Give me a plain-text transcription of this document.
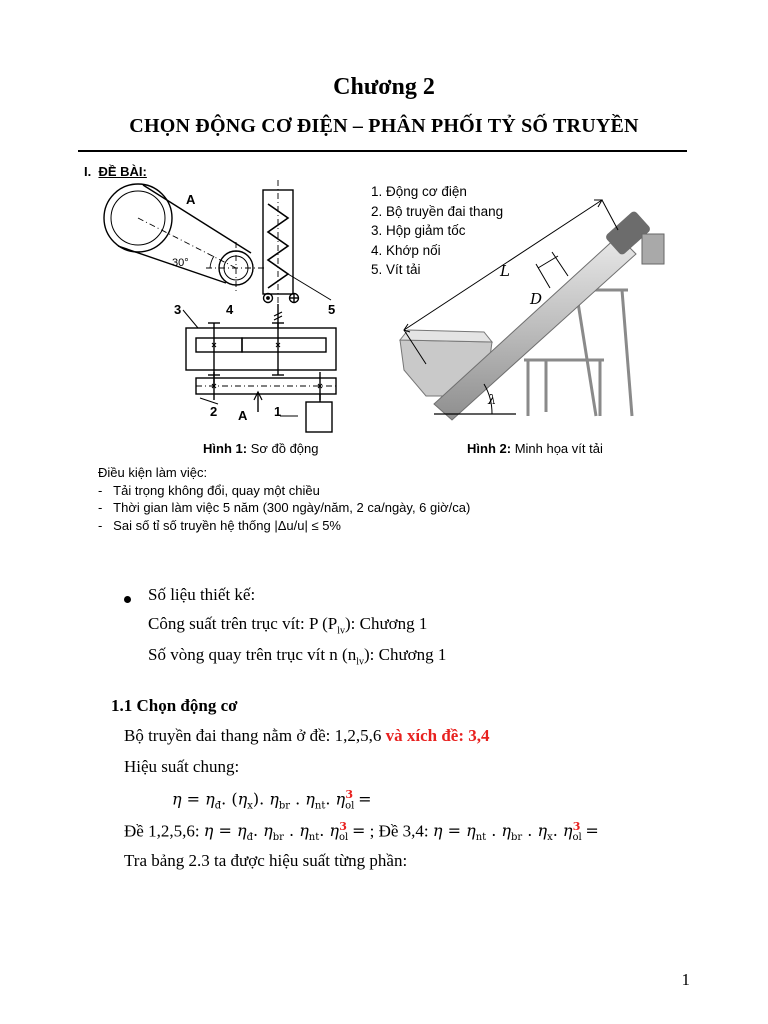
Chương 2
CHỌN ĐỘNG CƠ ĐIỆN – PHÂN PHỐI TỶ SỐ TRUYỀN
I. ĐỀ BÀI:
A
30°
3	4	5
2 A 1
Hình 1: Sơ đồ động
1. Động cơ điện
2. Bộ truyền đai thang
3. Hộp giảm tốc
4. Khớp nối
5. Vít tải	L
D
λ
Hình 2: Minh họa vít tải
Điều kiện làm việc:
-   Tải trọng không đổi, quay một chiều
-   Thời gian làm việc 5 năm (300 ngày/năm, 2 ca/ngày, 6 giờ/ca)
-   Sai số tỉ số truyền hệ thống |Δu/u| ≤ 5%
Số liệu thiết kế:
Công suất trên trục vít: P $(P_{lv})$: Chương 1
Số vòng quay trên trục vít n $(n_{lv})$: Chương 1
1.1 Chọn động cơ
Bộ truyền đai thang nằm ở đề: 1,2,5,6 và xích đề: 3,4
Hiệu suất chung:
$\eta = \eta_đ$. $(\eta_x)$. $\eta_{br}$ . $\eta_{nt}$. $\eta_{ol}^3$ =
Đề 1,2,5,6: $\eta = \eta_đ$. $\eta_{br}$ . $\eta_{nt}$. $\eta_{ol}^3$ = ; Đề 3,4: $\eta = \eta_{nt}$ . $\eta_{br}$ . $\eta_x$. $\eta_{ol}^3$ =
Tra bảng 2.3 ta được hiệu suất từng phần:
1
